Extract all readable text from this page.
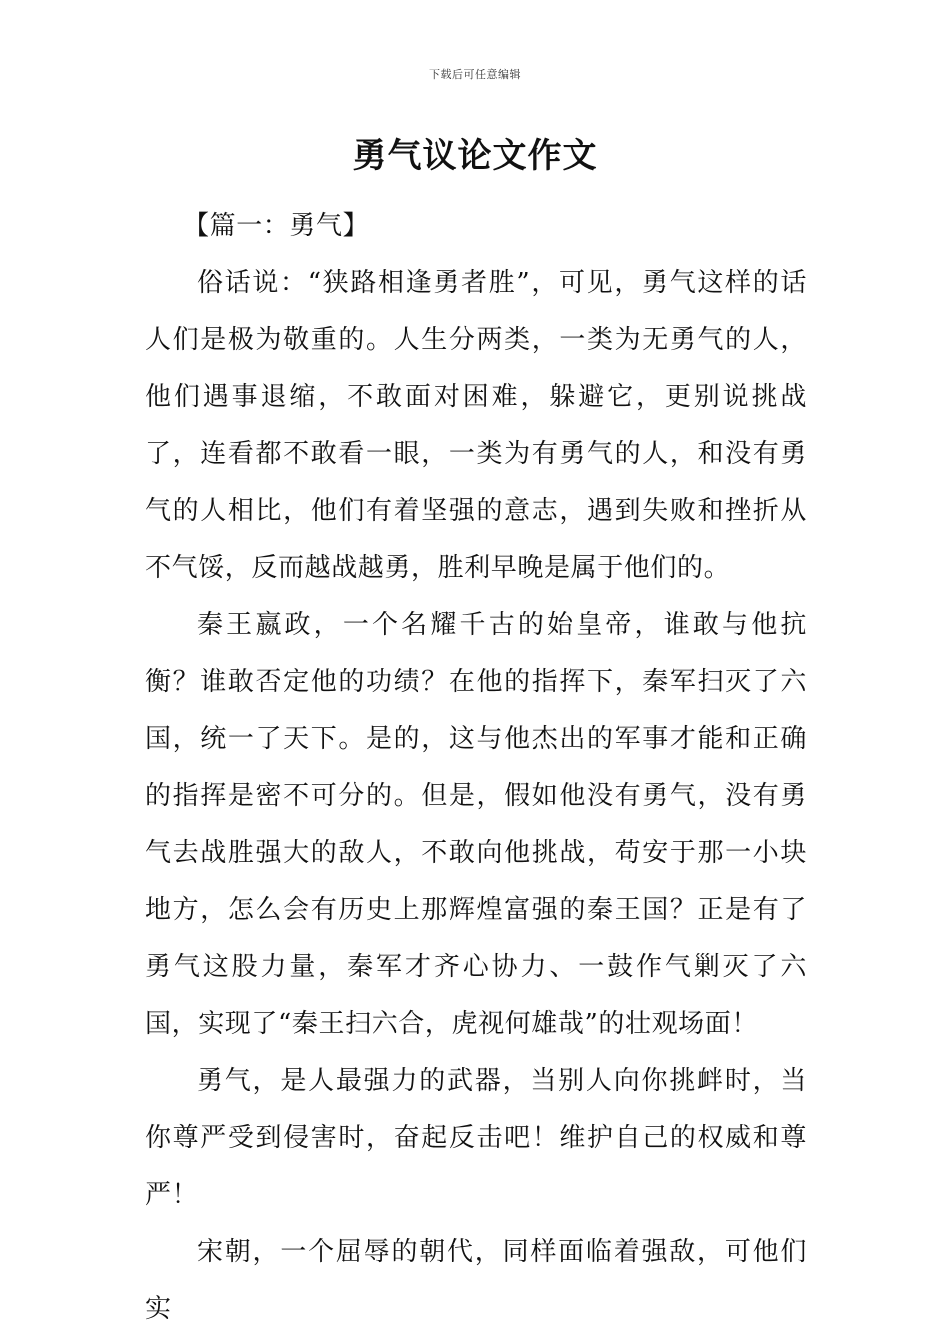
下载后可任意编辑
勇气议论文作文

【篇一：勇气】

俗话说：“狭路相逢勇者胜”，可见，勇气这样的话人们是极为敬重的。人生分两类，一类为无勇气的人，他们遇事退缩，不敢面对困难，躲避它，更别说挑战了，连看都不敢看一眼，一类为有勇气的人，和没有勇气的人相比，他们有着坚强的意志，遇到失败和挫折从不气馁，反而越战越勇，胜利早晚是属于他们的。

秦王嬴政，一个名耀千古的始皇帝，谁敢与他抗衡？谁敢否定他的功绩？在他的指挥下，秦军扫灭了六国，统一了天下。是的，这与他杰出的军事才能和正确的指挥是密不可分的。但是，假如他没有勇气，没有勇气去战胜强大的敌人，不敢向他挑战，苟安于那一小块地方，怎么会有历史上那辉煌富强的秦王国？正是有了勇气这股力量，秦军才齐心协力、一鼓作气剿灭了六国，实现了“秦王扫六合，虎视何雄哉”的壮观场面！

勇气，是人最强力的武器，当别人向你挑衅时，当你尊严受到侵害时，奋起反击吧！维护自己的权威和尊严！

宋朝，一个屈辱的朝代，同样面临着强敌，可他们实
